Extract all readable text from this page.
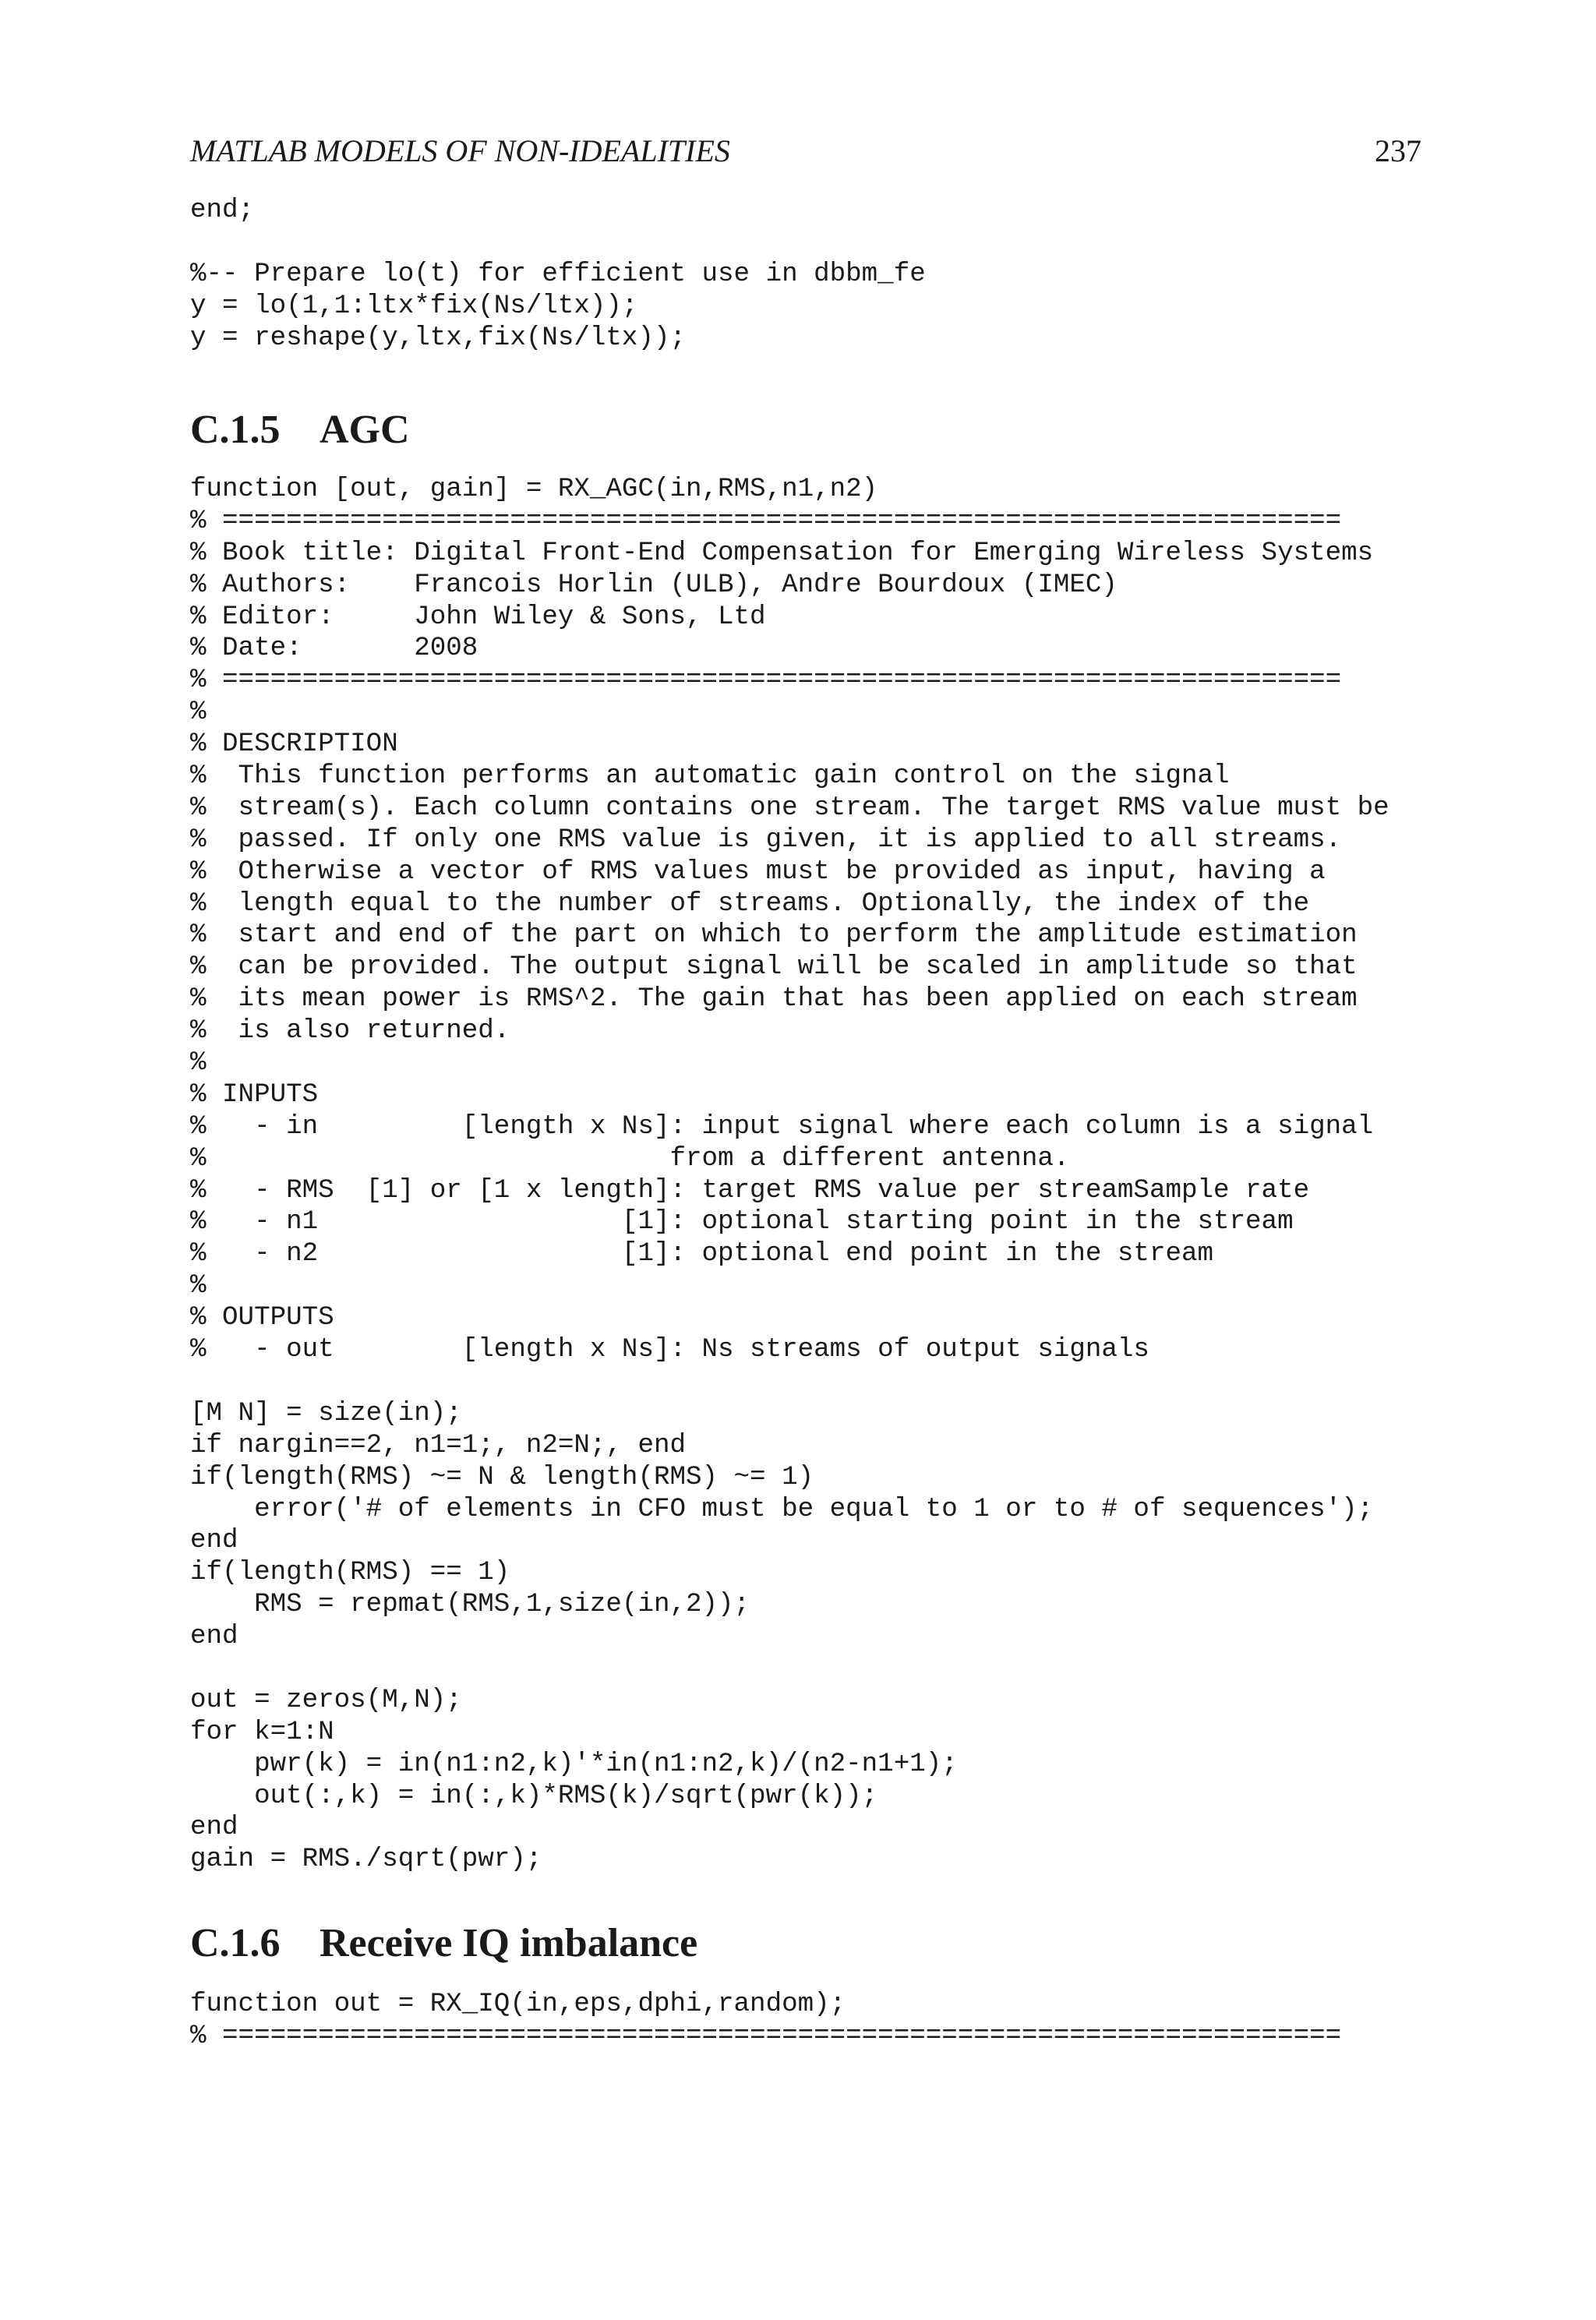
MATLAB MODELS OF NON-IDEALITIES	237
end;
%-- Prepare lo(t) for efficient use in dbbm_fe
y = lo(1,1:ltx*fix(Ns/ltx));
y = reshape(y,ltx,fix(Ns/ltx));
C.1.5 AGC
function [out, gain] = RX_AGC(in,RMS,n1,n2)
% ======================================================================
% Book title: Digital Front-End Compensation for Emerging Wireless Systems
% Authors:    Francois Horlin (ULB), Andre Bourdoux (IMEC)
% Editor:     John Wiley & Sons, Ltd
% Date:       2008
% ======================================================================
%
% DESCRIPTION
%  This function performs an automatic gain control on the signal
%  stream(s). Each column contains one stream. The target RMS value must be
%  passed. If only one RMS value is given, it is applied to all streams.
%  Otherwise a vector of RMS values must be provided as input, having a
%  length equal to the number of streams. Optionally, the index of the
%  start and end of the part on which to perform the amplitude estimation
%  can be provided. The output signal will be scaled in amplitude so that
%  its mean power is RMS^2. The gain that has been applied on each stream
%  is also returned.
%
% INPUTS
%   - in         [length x Ns]: input signal where each column is a signal
%                             from a different antenna.
%   - RMS  [1] or [1 x length]: target RMS value per streamSample rate
%   - n1                   [1]: optional starting point in the stream
%   - n2                   [1]: optional end point in the stream
%
% OUTPUTS
%   - out        [length x Ns]: Ns streams of output signals
[M N] = size(in);
if nargin==2, n1=1;, n2=N;, end
if(length(RMS) ~= N & length(RMS) ~= 1)
error('# of elements in CFO must be equal to 1 or to # of sequences');
end
if(length(RMS) == 1)
RMS = repmat(RMS,1,size(in,2));
end
out = zeros(M,N);
for k=1:N
pwr(k) = in(n1:n2,k)'*in(n1:n2,k)/(n2-n1+1);
out(:,k) = in(:,k)*RMS(k)/sqrt(pwr(k));
end
gain = RMS./sqrt(pwr);
C.1.6 Receive IQ imbalance
function out = RX_IQ(in,eps,dphi,random);
% ======================================================================
